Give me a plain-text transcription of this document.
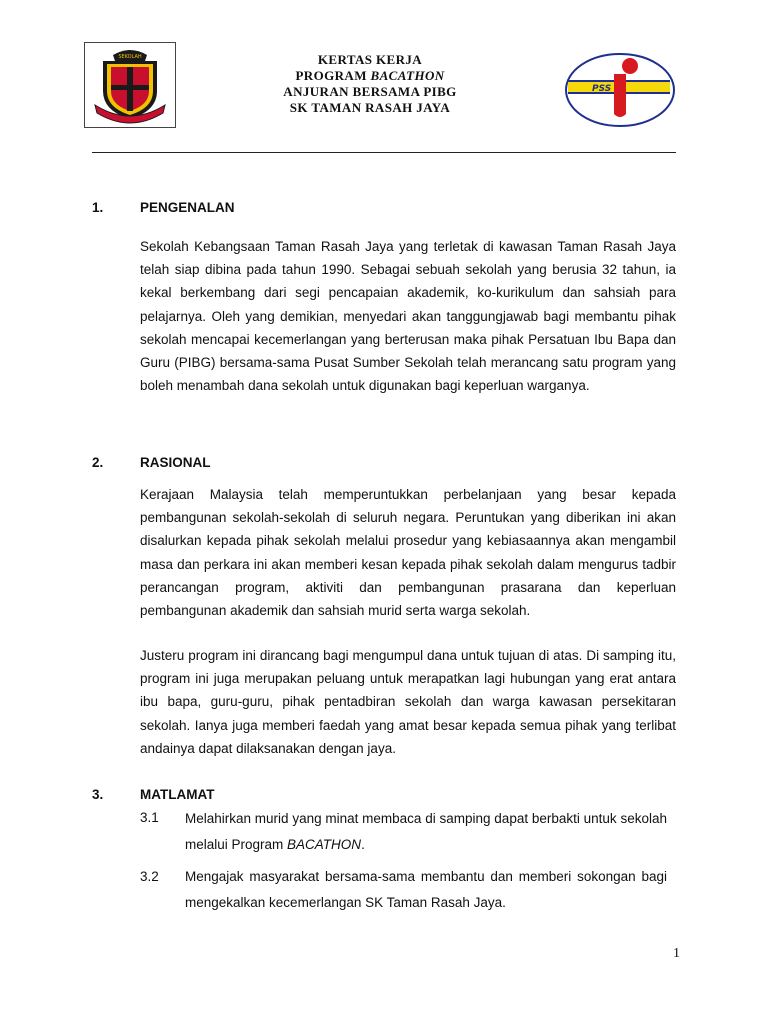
SEKOLAH	KERTAS KERJA
PROGRAM BACATHON
ANJURAN BERSAMA PIBG
SK TAMAN RASAH JAYA
PSS
1.	PENGENALAN
Sekolah Kebangsaan Taman Rasah Jaya yang terletak di kawasan Taman Rasah Jaya telah siap dibina pada tahun 1990. Sebagai sebuah sekolah yang berusia 32 tahun, ia kekal berkembang dari segi pencapaian akademik, ko-kurikulum dan sahsiah para pelajarnya. Oleh yang demikian, menyedari akan tanggungjawab bagi membantu pihak sekolah mencapai kecemerlangan yang berterusan maka pihak Persatuan Ibu Bapa dan Guru (PIBG) bersama-sama Pusat Sumber Sekolah telah merancang satu program yang boleh menambah dana sekolah untuk digunakan bagi keperluan warganya.
2.	RASIONAL
Kerajaan Malaysia telah memperuntukkan perbelanjaan yang besar kepada pembangunan sekolah-sekolah di seluruh negara. Peruntukan yang diberikan ini akan disalurkan kepada pihak sekolah melalui prosedur yang kebiasaannya akan mengambil masa dan perkara ini akan memberi kesan kepada pihak sekolah dalam mengurus tadbir perancangan program, aktiviti dan pembangunan prasarana dan keperluan pembangunan akademik dan sahsiah murid serta warga sekolah.
Justeru program ini dirancang bagi mengumpul dana untuk tujuan di atas. Di samping itu, program ini juga merupakan peluang untuk merapatkan lagi hubungan yang erat antara ibu bapa, guru-guru, pihak pentadbiran sekolah dan warga kawasan persekitaran sekolah. Ianya juga memberi faedah yang amat besar kepada semua pihak yang terlibat andainya dapat dilaksanakan dengan jaya.
3.	MATLAMAT
3.1 Melahirkan murid yang minat membaca di samping dapat berbakti untuk sekolah melalui Program BACATHON.
3.2 Mengajak masyarakat bersama-sama membantu dan memberi sokongan bagi mengekalkan kecemerlangan SK Taman Rasah Jaya.
1
